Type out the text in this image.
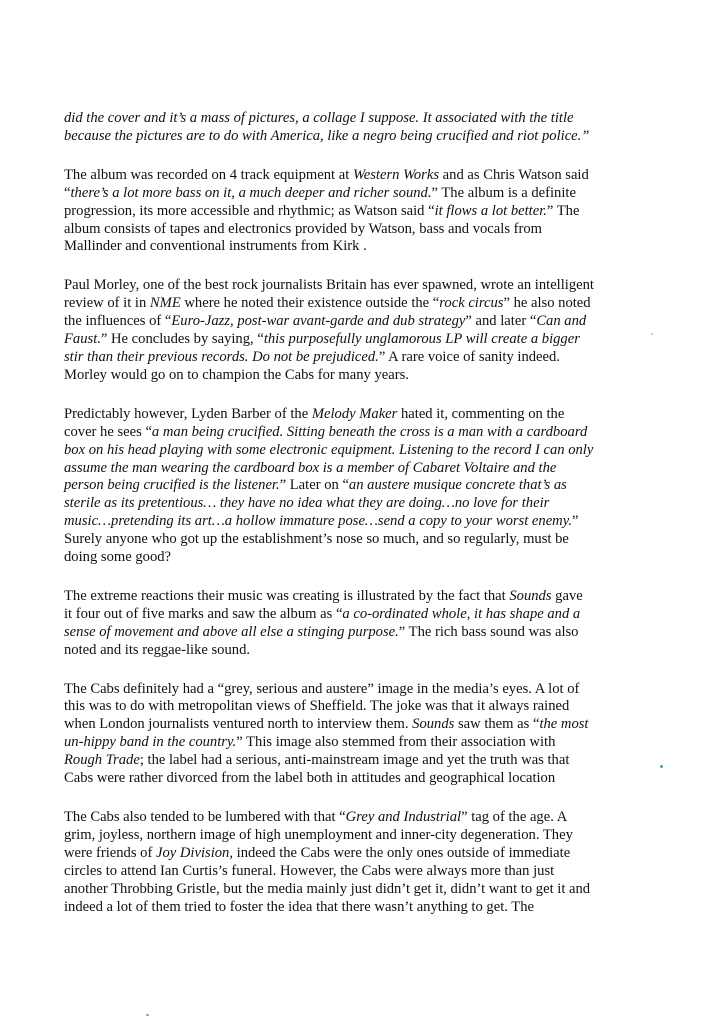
did the cover and it’s a mass of pictures, a collage I suppose. It associated with the title because the pictures are to do with America, like a negro being crucified and riot police.”

The album was recorded on 4 track equipment at Western Works and as Chris Watson said “there’s a lot more bass on it, a much deeper and richer sound.” The album is a definite progression, its more accessible and rhythmic; as Watson said “it flows a lot better.” The album consists of tapes and electronics provided by Watson, bass and vocals from Mallinder and conventional instruments from Kirk .

Paul Morley, one of the best rock journalists Britain has ever spawned, wrote an intelligent review of it in NME where he noted their existence outside the “rock circus” he also noted the influences of “Euro-Jazz, post-war avant-garde and dub strategy” and later “Can and Faust.” He concludes by saying, “this purposefully unglamorous LP will create a bigger stir than their previous records. Do not be prejudiced.” A rare voice of sanity indeed. Morley would go on to champion the Cabs for many years.

Predictably however, Lyden Barber of the Melody Maker hated it, commenting on the cover he sees “a man being crucified. Sitting beneath the cross is a man with a cardboard box on his head playing with some electronic equipment. Listening to the record I can only assume the man wearing the cardboard box is a member of Cabaret Voltaire and the person being crucified is the listener.” Later on “an austere musique concrete that’s as sterile as its pretentious… they have no idea what they are doing…no love for their music…pretending its art…a hollow immature pose…send a copy to your worst enemy.” Surely anyone who got up the establishment’s nose so much, and so regularly, must be doing some good?

The extreme reactions their music was creating is illustrated by the fact that Sounds gave it four out of five marks and saw the album as “a co-ordinated whole, it has shape and a sense of movement and above all else a stinging purpose.” The rich bass sound was also noted and its reggae-like sound.

The Cabs definitely had a “grey, serious and austere” image in the media’s eyes. A lot of this was to do with metropolitan views of Sheffield. The joke was that it always rained when London journalists ventured north to interview them. Sounds saw them as “the most un-hippy band in the country.” This image also stemmed from their association with Rough Trade; the label had a serious, anti-mainstream image and yet the truth was that Cabs were rather divorced from the label both in attitudes and geographical location

The Cabs also tended to be lumbered with that “Grey and Industrial” tag of the age. A grim, joyless, northern image of high unemployment and inner-city degeneration. They were friends of Joy Division, indeed the Cabs were the only ones outside of immediate circles to attend Ian Curtis’s funeral. However, the Cabs were always more than just another Throbbing Gristle, but the media mainly just didn’t get it, didn’t want to get it and indeed a lot of them tried to foster the idea that there wasn’t anything to get. The
